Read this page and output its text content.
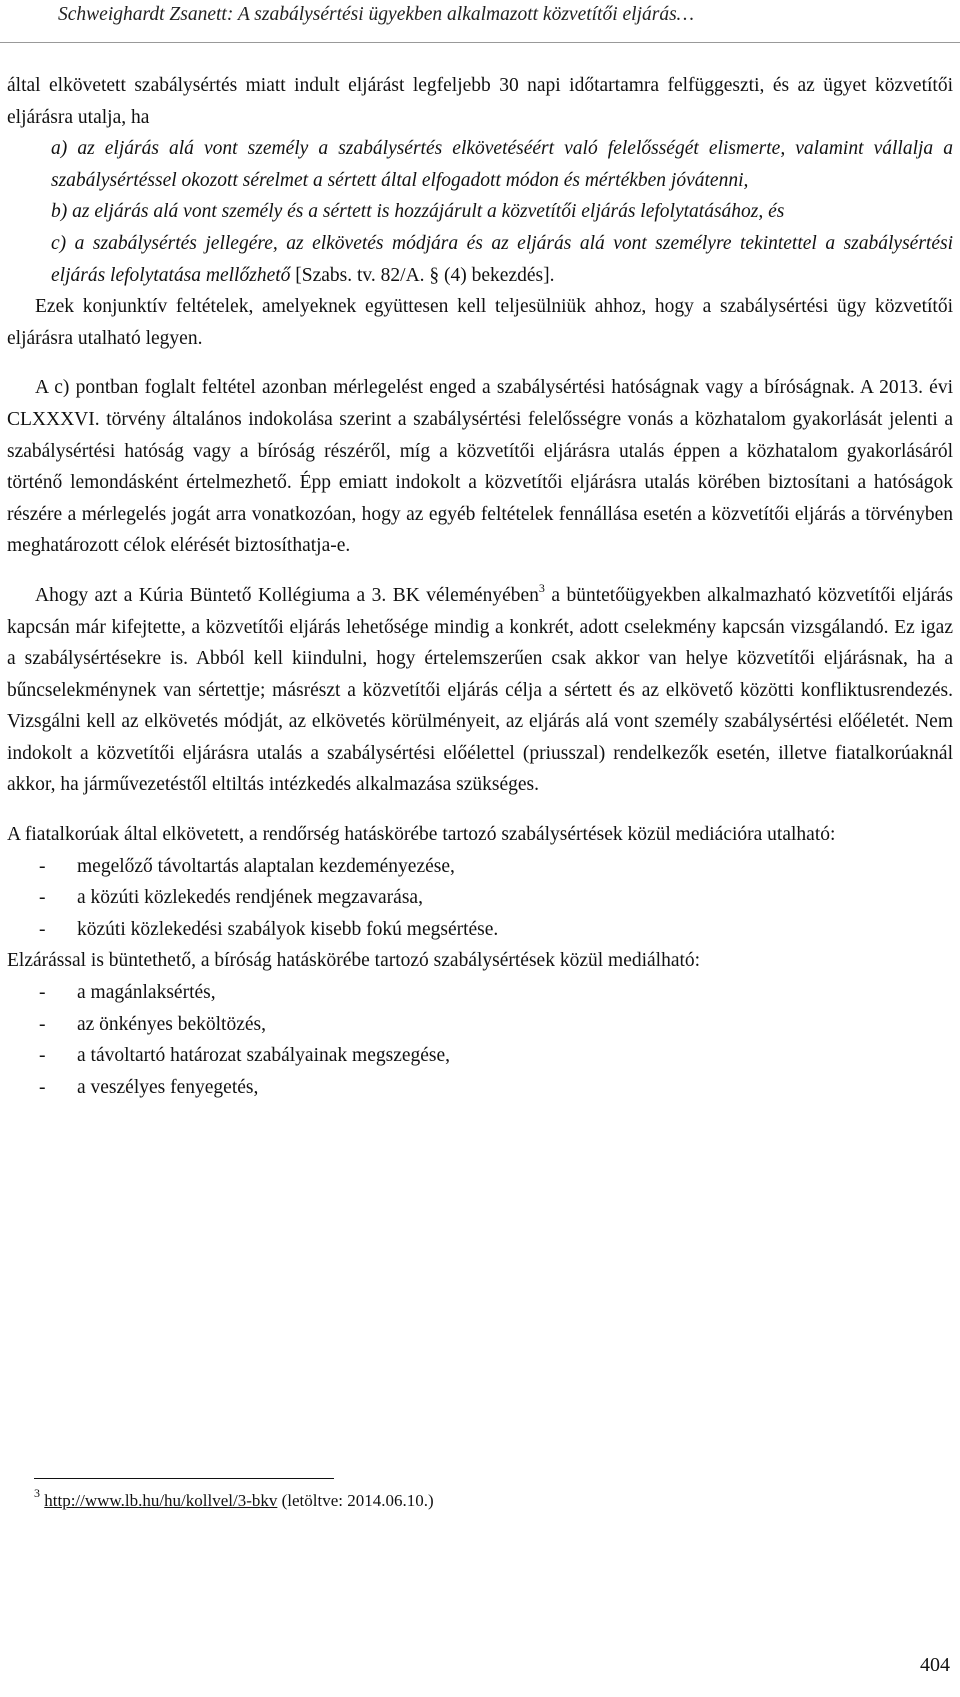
Schweighardt Zsanett: A szabálysértési ügyekben alkalmazott közvetítői eljárás…

által elkövetett szabálysértés miatt indult eljárást legfeljebb 30 napi időtartamra felfüggeszti, és az ügyet közvetítői eljárásra utalja, ha

a) az eljárás alá vont személy a szabálysértés elkövetéséért való felelősségét elismerte, valamint vállalja a szabálysértéssel okozott sérelmet a sértett által elfogadott módon és mértékben jóvátenni,

b) az eljárás alá vont személy és a sértett is hozzájárult a közvetítői eljárás lefolytatásához, és

c) a szabálysértés jellegére, az elkövetés módjára és az eljárás alá vont személyre tekintettel a szabálysértési eljárás lefolytatása mellőzhető [Szabs. tv. 82/A. § (4) bekezdés].

Ezek konjunktív feltételek, amelyeknek együttesen kell teljesülniük ahhoz, hogy a szabálysértési ügy közvetítői eljárásra utalható legyen.

A c) pontban foglalt feltétel azonban mérlegelést enged a szabálysértési hatóságnak vagy a bíróságnak. A 2013. évi CLXXXVI. törvény általános indokolása szerint a szabálysértési felelősségre vonás a közhatalom gyakorlását jelenti a szabálysértési hatóság vagy a bíróság részéről, míg a közvetítői eljárásra utalás éppen a közhatalom gyakorlásáról történő lemondásként értelmezhető. Épp emiatt indokolt a közvetítői eljárásra utalás körében biztosítani a hatóságok részére a mérlegelés jogát arra vonatkozóan, hogy az egyéb feltételek fennállása esetén a közvetítői eljárás a törvényben meghatározott célok elérését biztosíthatja-e.

Ahogy azt a Kúria Büntető Kollégiuma a 3. BK véleményében$^3$ a büntetőügyekben alkalmazható közvetítői eljárás kapcsán már kifejtette, a közvetítői eljárás lehetősége mindig a konkrét, adott cselekmény kapcsán vizsgálandó. Ez igaz a szabálysértésekre is. Abból kell kiindulni, hogy értelemszerűen csak akkor van helye közvetítői eljárásnak, ha a bűncselekménynek van sértettje; másrészt a közvetítői eljárás célja a sértett és az elkövető közötti konfliktusrendezés. Vizsgálni kell az elkövetés módját, az elkövetés körülményeit, az eljárás alá vont személy szabálysértési előéletét. Nem indokolt a közvetítői eljárásra utalás a szabálysértési előélettel (priusszal) rendelkezők esetén, illetve fiatalkorúaknál akkor, ha járművezetéstől eltiltás intézkedés alkalmazása szükséges.

A fiatalkorúak által elkövetett, a rendőrség hatáskörébe tartozó szabálysértések közül mediációra utalható:

- megelőző távoltartás alaptalan kezdeményezése,
- a közúti közlekedés rendjének megzavarása,
- közúti közlekedési szabályok kisebb fokú megsértése.

Elzárással is büntethető, a bíróság hatáskörébe tartozó szabálysértések közül mediálható:

- a magánlaksértés,
- az önkényes beköltözés,
- a távoltartó határozat szabályainak megszegése,
- a veszélyes fenyegetés,
$^3$ http://www.lb.hu/hu/kollvel/3-bkv (letöltve: 2014.06.10.)
404
